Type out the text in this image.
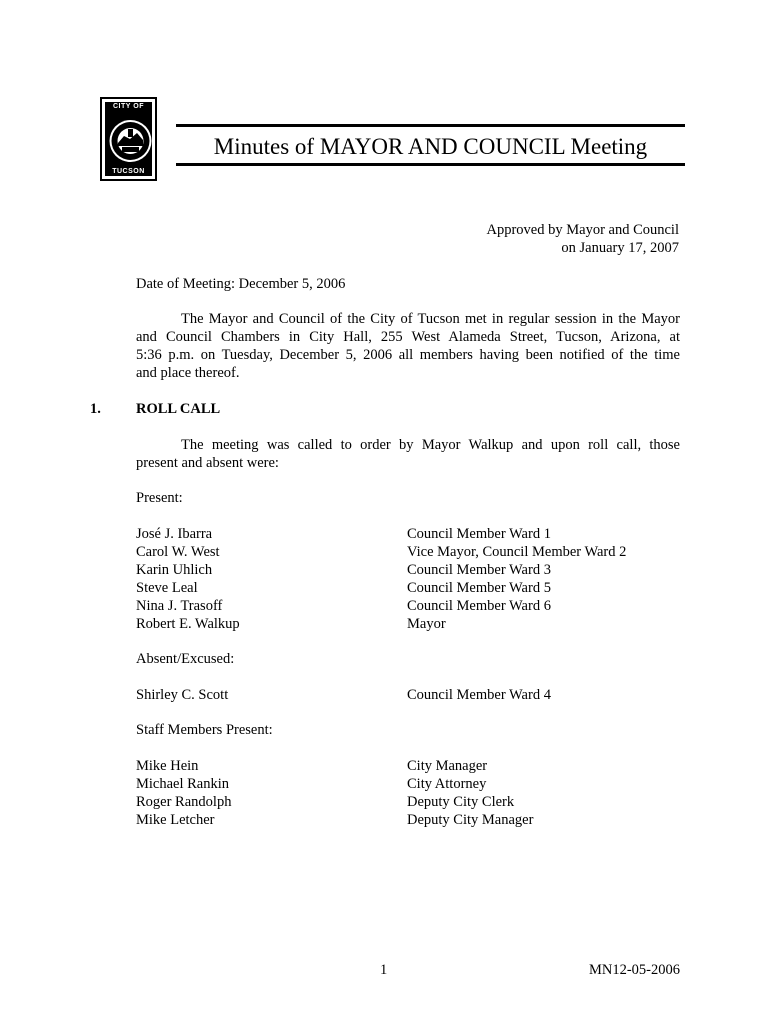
CITY OF
TUCSON
Minutes of MAYOR AND COUNCIL Meeting
Approved by Mayor and Council
on January 17, 2007
Date of Meeting: December 5, 2006
The Mayor and Council of the City of Tucson met in regular session in the Mayor
and Council Chambers in City Hall, 255 West Alameda Street, Tucson, Arizona, at
5:36 p.m. on Tuesday, December 5, 2006 all members having been notified of the time
and place thereof.
1. ROLL CALL
The meeting was called to order by Mayor Walkup and upon roll call, those
present and absent were:
Present:
José J. Ibarra	Council Member Ward 1
Carol W. West	Vice Mayor, Council Member Ward 2
Karin Uhlich	Council Member Ward 3
Steve Leal	Council Member Ward 5
Nina J. Trasoff	Council Member Ward 6
Robert E. Walkup	Mayor
Absent/Excused:
Shirley C. Scott	Council Member Ward 4
Staff Members Present:
Mike Hein	City Manager
Michael Rankin	City Attorney
Roger Randolph	Deputy City Clerk
Mike Letcher	Deputy City Manager
1	MN12-05-2006
